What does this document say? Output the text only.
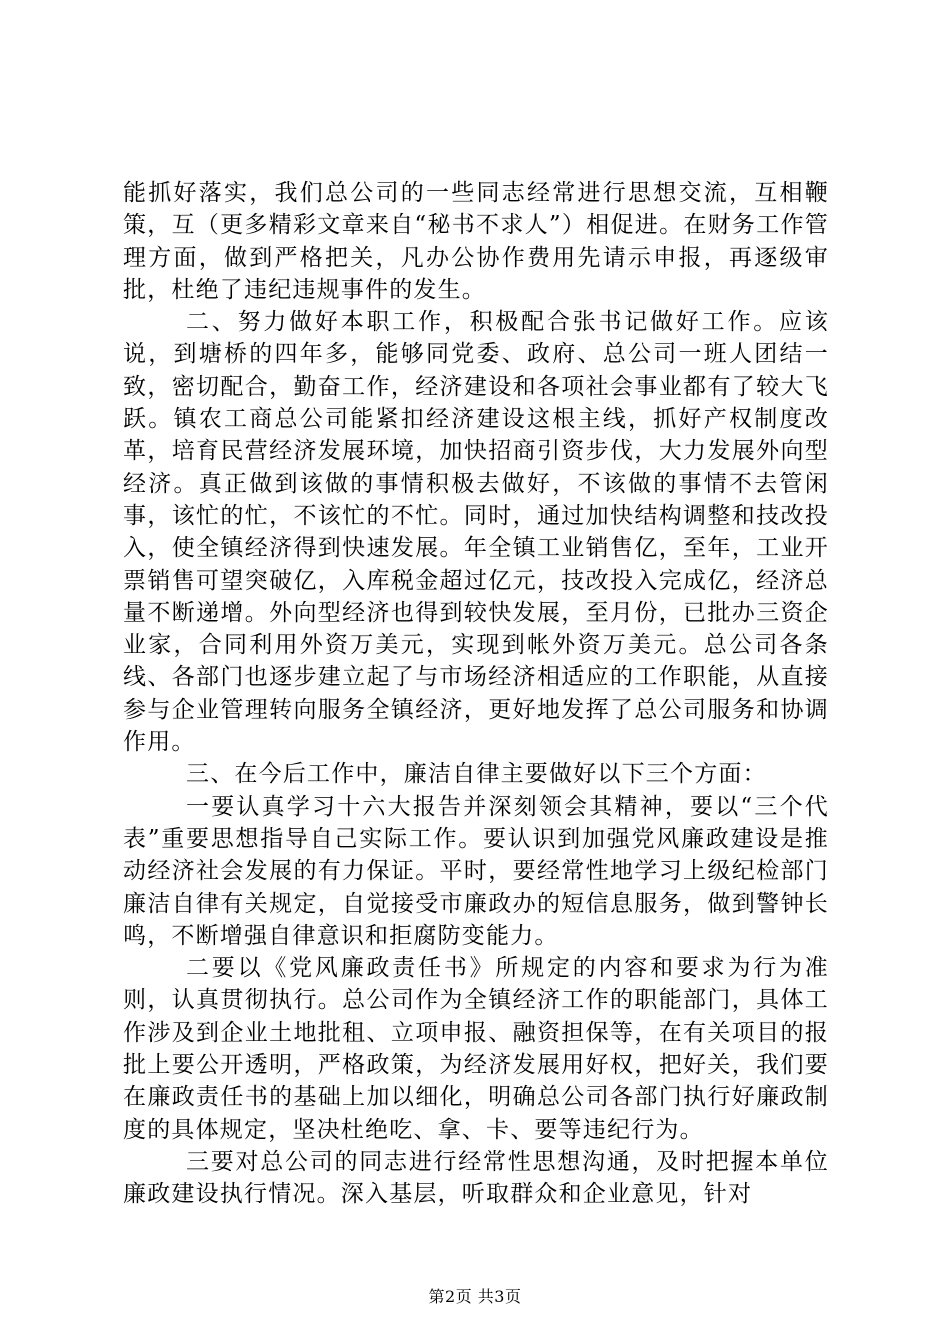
能抓好落实，我们总公司的一些同志经常进行思想交流，互相鞭策，互（更多精彩文章来自“秘书不求人”）相促进。在财务工作管理方面，做到严格把关，凡办公协作费用先请示申报，再逐级审批，杜绝了违纪违规事件的发生。

二、努力做好本职工作，积极配合张书记做好工作。应该说，到塘桥的四年多，能够同党委、政府、总公司一班人团结一致，密切配合，勤奋工作，经济建设和各项社会事业都有了较大飞跃。镇农工商总公司能紧扣经济建设这根主线，抓好产权制度改革，培育民营经济发展环境，加快招商引资步伐，大力发展外向型经济。真正做到该做的事情积极去做好，不该做的事情不去管闲事，该忙的忙，不该忙的不忙。同时，通过加快结构调整和技改投入，使全镇经济得到快速发展。年全镇工业销售亿，至年，工业开票销售可望突破亿，入库税金超过亿元，技改投入完成亿，经济总量不断递增。外向型经济也得到较快发展，至月份，已批办三资企业家，合同利用外资万美元，实现到帐外资万美元。总公司各条线、各部门也逐步建立起了与市场经济相适应的工作职能，从直接参与企业管理转向服务全镇经济，更好地发挥了总公司服务和协调作用。

三、在今后工作中，廉洁自律主要做好以下三个方面：

一要认真学习十六大报告并深刻领会其精神，要以“三个代表”重要思想指导自己实际工作。要认识到加强党风廉政建设是推动经济社会发展的有力保证。平时，要经常性地学习上级纪检部门廉洁自律有关规定，自觉接受市廉政办的短信息服务，做到警钟长鸣，不断增强自律意识和拒腐防变能力。

二要以《党风廉政责任书》所规定的内容和要求为行为准则，认真贯彻执行。总公司作为全镇经济工作的职能部门，具体工作涉及到企业土地批租、立项申报、融资担保等，在有关项目的报批上要公开透明，严格政策，为经济发展用好权，把好关，我们要在廉政责任书的基础上加以细化，明确总公司各部门执行好廉政制度的具体规定，坚决杜绝吃、拿、卡、要等违纪行为。

三要对总公司的同志进行经常性思想沟通，及时把握本单位廉政建设执行情况。深入基层，听取群众和企业意见，针对

第2页 共3页
